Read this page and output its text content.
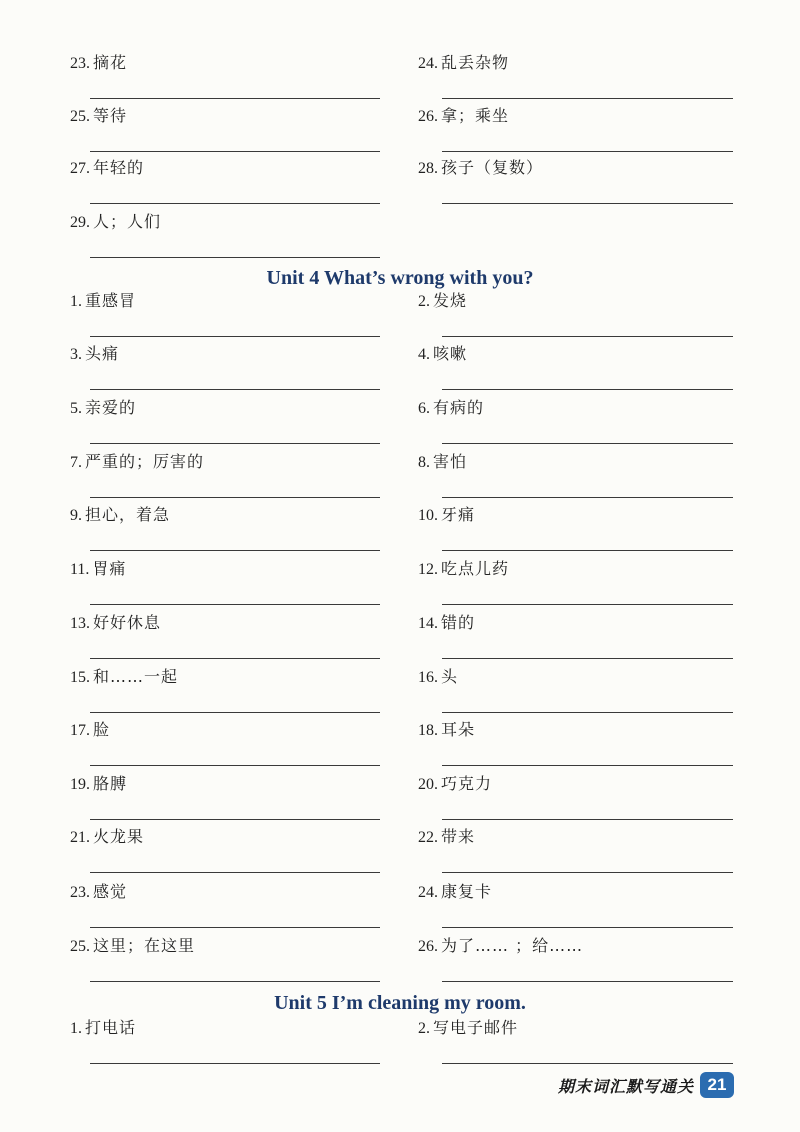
23. 摘花	24. 乱丢杂物
25. 等待	26. 拿；乘坐
27. 年轻的	28. 孩子（复数）
29. 人；人们
Unit 4 What’s wrong with you?
1. 重感冒	2. 发烧
3. 头痛	4. 咳嗽
5. 亲爱的	6. 有病的
7. 严重的；厉害的	8. 害怕
9. 担心，着急	10. 牙痛
11. 胃痛	12. 吃点儿药
13. 好好休息	14. 错的
15. 和……一起	16. 头
17. 脸	18. 耳朵
19. 胳膊	20. 巧克力
21. 火龙果	22. 带来
23. 感觉	24. 康复卡
25. 这里；在这里	26. 为了…… ；给……
Unit 5 I’m cleaning my room.
1. 打电话	2. 写电子邮件
期末词汇默写通关 21
